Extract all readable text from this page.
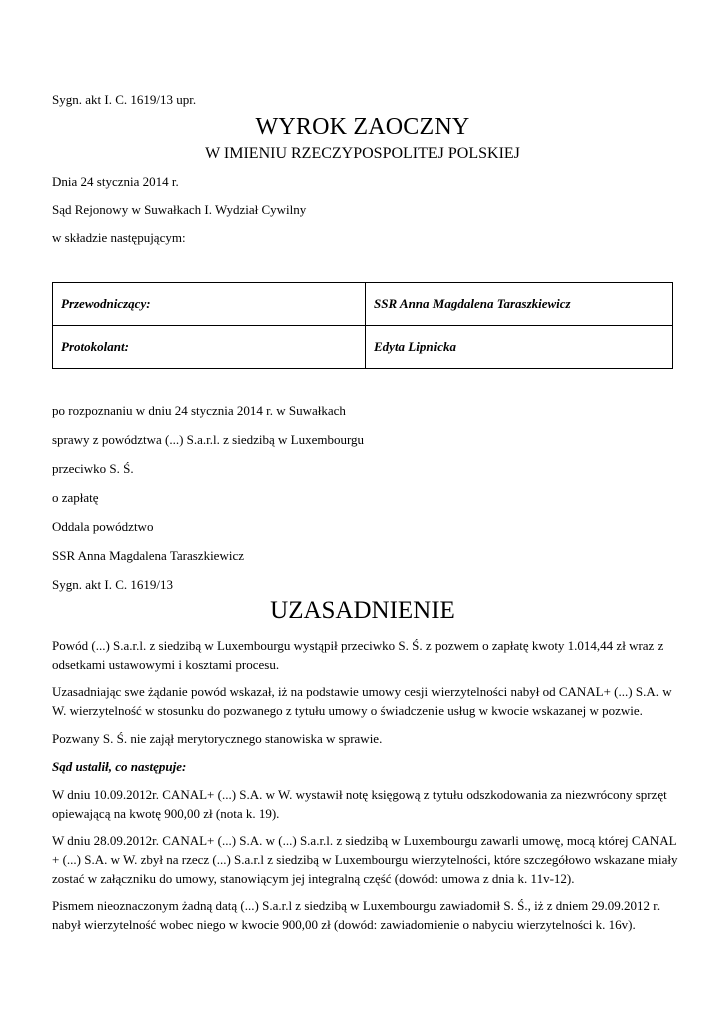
Sygn. akt I. C. 1619/13 upr.
WYROK ZAOCZNY
W IMIENIU RZECZYPOSPOLITEJ POLSKIEJ
Dnia 24 stycznia 2014 r.
Sąd Rejonowy w Suwałkach I. Wydział Cywilny
w składzie następującym:
Przewodniczący:	SSR Anna Magdalena Taraszkiewicz
Protokolant:	Edyta Lipnicka
po rozpoznaniu w dniu 24 stycznia 2014 r. w Suwałkach
sprawy z powództwa (...) S.a.r.l. z siedzibą w Luxembourgu
przeciwko S. Ś.
o zapłatę
Oddala powództwo
SSR Anna Magdalena Taraszkiewicz
Sygn. akt I. C. 1619/13
UZASADNIENIE
Powód (...) S.a.r.l. z siedzibą w Luxembourgu wystąpił przeciwko S. Ś. z pozwem o zapłatę kwoty 1.014,44 zł wraz z odsetkami ustawowymi i kosztami procesu.
Uzasadniając swe żądanie powód wskazał, iż na podstawie umowy cesji wierzytelności nabył od CANAL+ (...) S.A. w W. wierzytelność w stosunku do pozwanego z tytułu umowy o świadczenie usług w kwocie wskazanej w pozwie.
Pozwany S. Ś. nie zajął merytorycznego stanowiska w sprawie.
Sąd ustalił, co następuje:
W dniu 10.09.2012r. CANAL+ (...) S.A. w W. wystawił notę księgową z tytułu odszkodowania za niezwrócony sprzęt opiewającą na kwotę 900,00 zł (nota k. 19).
W dniu 28.09.2012r. CANAL+ (...) S.A. w (...) S.a.r.l. z siedzibą w Luxembourgu zawarli umowę, mocą której CANAL + (...) S.A. w W. zbył na rzecz (...) S.a.r.l z siedzibą w Luxembourgu wierzytelności, które szczegółowo wskazane miały zostać w załączniku do umowy, stanowiącym jej integralną część (dowód: umowa z dnia k. 11v-12).
Pismem nieoznaczonym żadną datą (...) S.a.r.l z siedzibą w Luxembourgu zawiadomił S. Ś., iż z dniem 29.09.2012 r. nabył wierzytelność wobec niego w kwocie 900,00 zł (dowód: zawiadomienie o nabyciu wierzytelności k. 16v).
